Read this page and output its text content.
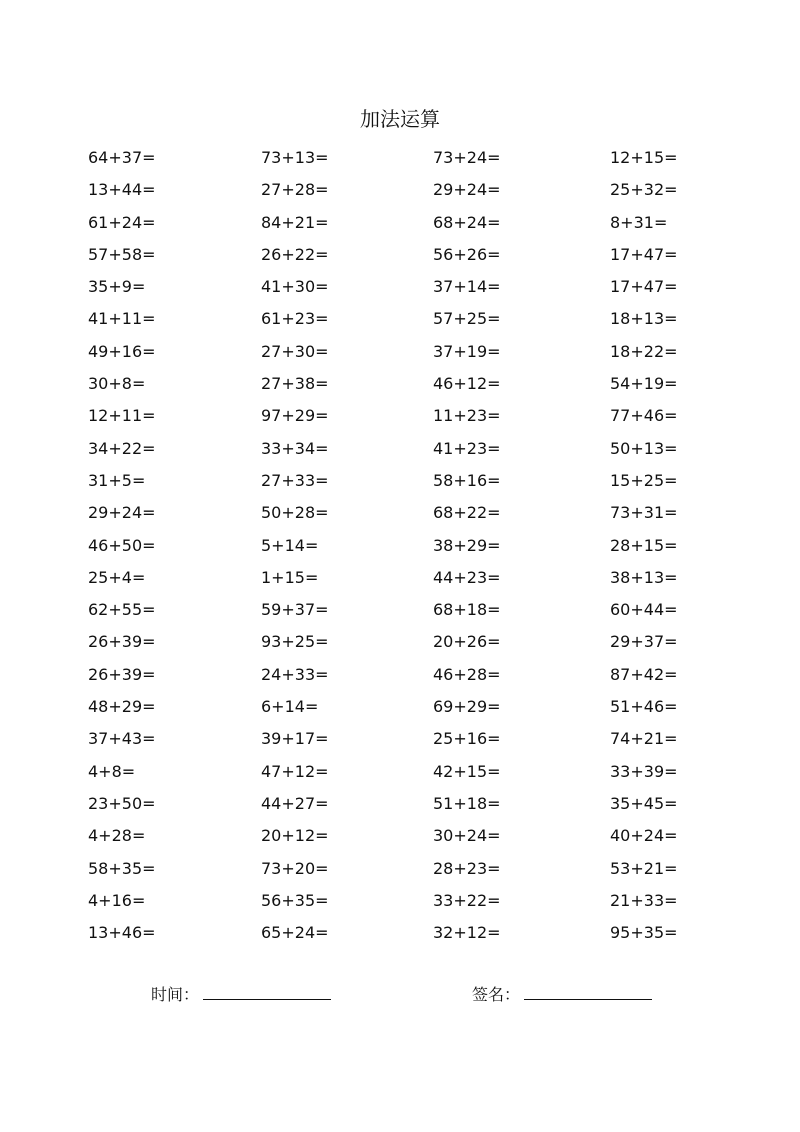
加法运算
64+37=	73+13=	73+24=	12+15=
13+44=	27+28=	29+24=	25+32=
61+24=	84+21=	68+24=	8+31=
57+58=	26+22=	56+26=	17+47=
35+9=	41+30=	37+14=	17+47=
41+11=	61+23=	57+25=	18+13=
49+16=	27+30=	37+19=	18+22=
30+8=	27+38=	46+12=	54+19=
12+11=	97+29=	11+23=	77+46=
34+22=	33+34=	41+23=	50+13=
31+5=	27+33=	58+16=	15+25=
29+24=	50+28=	68+22=	73+31=
46+50=	5+14=	38+29=	28+15=
25+4=	1+15=	44+23=	38+13=
62+55=	59+37=	68+18=	60+44=
26+39=	93+25=	20+26=	29+37=
26+39=	24+33=	46+28=	87+42=
48+29=	6+14=	69+29=	51+46=
37+43=	39+17=	25+16=	74+21=
4+8=	47+12=	42+15=	33+39=
23+50=	44+27=	51+18=	35+45=
4+28=	20+12=	30+24=	40+24=
58+35=	73+20=	28+23=	53+21=
4+16=	56+35=	33+22=	21+33=
13+46=	65+24=	32+12=	95+35=
时间：	签名：
